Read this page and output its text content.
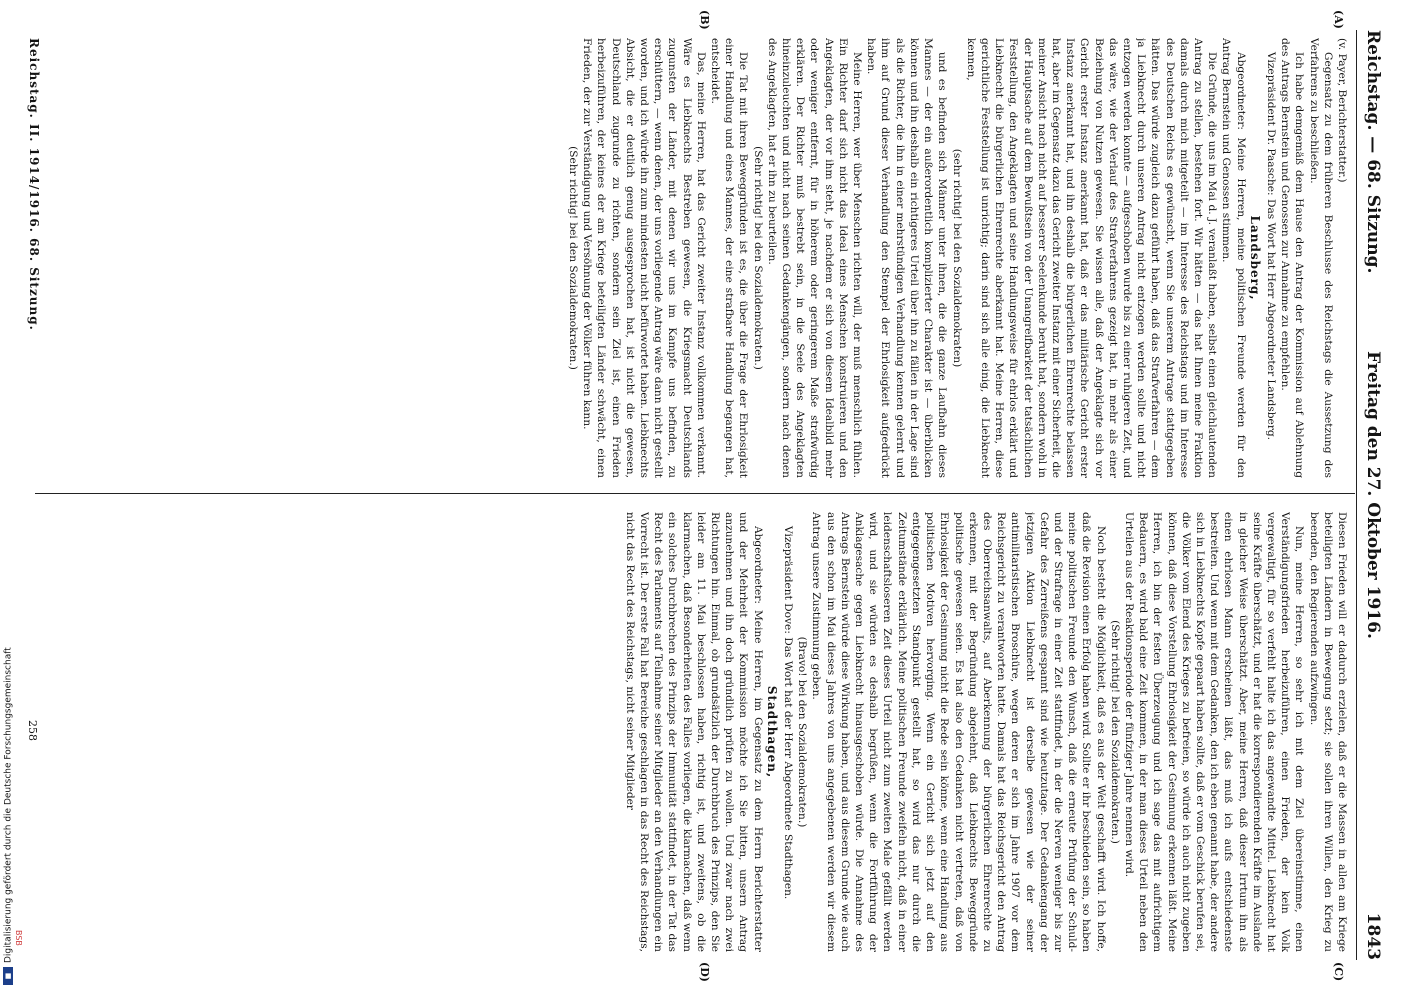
Reichstag. — 68. Sitzung.
Freitag den 27. Oktober 1916.
1843
(A)
(B)
(C)
(D)

(v. Payer, Berichterstatter.)

Gegensatz zu dem früheren Beschlusse des Reichstags die Aussetzung des Verfahrens zu beschließen.

Ich habe demgemäß dem Hause den Antrag der Kommission auf Ablehnung des Antrags Bernstein und Genossen zur Annahme zu empfehlen.

Vizepräsident Dr. Paasche: Das Wort hat Herr Abgeordneter Landsberg.

Landsberg,

Abgeordneter: Meine Herren, meine politischen Freunde werden für den Antrag Bernstein und Genossen stimmen.

Die Gründe, die uns im Mai d. J. veranlaßt haben, selbst einen gleichlautenden Antrag zu stellen, bestehen fort. Wir hätten — das hat Ihnen meine Fraktion damals durch mich mitgeteilt — im Interesse des Reichstags und im Interesse des Deutschen Reichs es gewünscht, wenn Sie unserem Antrage stattgegeben hätten. Das würde zugleich dazu geführt haben, daß das Strafverfahren — dem ja Liebknecht durch unseren Antrag nicht entzogen werden sollte und nicht entzogen werden konnte — aufgeschoben wurde bis zu einer ruhigeren Zeit, und das wäre, wie der Verlauf des Strafverfahrens gezeigt hat, in mehr als einer Beziehung von Nutzen gewesen. Sie wissen alle, daß der Angeklagte sich vor Gericht erster Instanz anerkannt hat, daß er das militärische Gericht erster Instanz anerkannt hat, und ihn deshalb die bürgerlichen Ehrenrechte belassen hat, aber im Gegensatz dazu das Gericht zweiter Instanz mit einer Sicherheit, die meiner Ansicht nach nicht auf besserer Seelenkunde beruht hat, sondern wohl in der Hauptsache auf dem Bewußtsein von der Unangreifbarkeit der tatsächlichen Feststellung, den Angeklagten und seine Handlungsweise für ehrlos erklärt und Liebknecht die bürgerlichen Ehrenrechte aberkannt hat. Meine Herren, diese gerichtliche Feststellung ist unrichtig; darin sind sich alle einig, die Liebknecht kennen,

(sehr richtig! bei den Sozialdemokraten)

und es befinden sich Männer unter ihnen, die die ganze Laufbahn dieses Mannes — der ein außerordentlich komplizierter Charakter ist — überblicken können und ihn deshalb ein richtigeres Urteil über ihn zu fällen in der Lage sind als die Richter, die ihn in einer mehrstündigen Verhandlung kennen gelernt und ihm auf Grund dieser Verhandlung den Stempel der Ehrlosigkeit aufgedrückt haben.

Meine Herren, wer über Menschen richten will, der muß menschlich fühlen. Ein Richter darf sich nicht das Ideal eines Menschen konstruieren und den Angeklagten, der vor ihm steht, je nachdem er sich von diesem Idealbild mehr oder weniger entfernt, für in höherem oder geringerem Maße strafwürdig erklären. Der Richter muß bestrebt sein, in die Seele des Angeklagten hineinzuleuchten und nicht nach seinen Gedankengängen, sondern nach denen des Angeklagten, hat er ihn zu beurteilen.

(Sehr richtig! bei den Sozialdemokraten.)

Die Tat mit ihren Beweggründen ist es, die über die Frage der Ehrlosigkeit einer Handlung und eines Mannes, der eine strafbare Handlung begangen hat, entscheidet.

Das, meine Herren, hat das Gericht zweiter Instanz vollkommen verkannt. Wäre es Liebknechts Bestreben gewesen, die Kriegsmacht Deutschlands zugunsten der Länder, mit denen wir uns im Kampfe uns befinden, zu erschüttern, — wenn denen, der uns vorliegende Antrag wäre dann nicht gestellt worden, und ich würde ihn zum mindesten nicht befürwortet haben. Liebknechts Absicht, die er deutlich genug ausgesprochen hat, ist nicht die gewesen, Deutschland zugrunde zu richten, sondern sein Ziel ist, einen Frieden herbeizuführen, der keines der am Kriege beteiligten Länder schwächt, einen Frieden, der zur Verständigung und Versöhnung der Völker führen kann.

(Sehr richtig! bei den Sozialdemokraten.)

Diesen Frieden will er dadurch erzielen, daß er die Massen in allen am Kriege beteiligten Ländern in Bewegung setzt; sie sollen ihren Willen, den Krieg zu beenden, den Regierenden aufzwingen.

Nun, meine Herren, so sehr ich mit dem Ziel übereinstimme, einen Verständigungsfrieden herbeizuführen, einen Frieden, der kein Volk vergewaltigt, für so verfehlt halte ich das angewandte Mittel. Liebknecht hat seine Kräfte überschätzt, und er hat die korrespondierenden Kräfte im Auslande in gleicher Weise überschätzt. Aber, meine Herren, daß dieser Irrtum ihn als einen ehrlosen Mann erscheinen läßt, das muß ich aufs entschiedenste bestreiten. Und wenn mit dem Gedanken, den ich eben genannt habe, der andere sich in Liebknechts Kopfe gepaart haben sollte, daß er vom Geschick berufen sei, die Völker vom Elend des Krieges zu befreien, so würde ich auch nicht zugeben können, daß diese Vorstellung Ehrlosigkeit der Gesinnung erkennen läßt. Meine Herren, ich bin der festen Überzeugung und ich sage das mit aufrichtigem Bedauern, es wird bald eine Zeit kommen, in der man dieses Urteil neben den Urteilen aus der Reaktionsperiode der fünfziger Jahre nennen wird.

(Sehr richtig! bei den Sozialdemokraten.)

Noch besteht die Möglichkeit, daß es aus der Welt geschafft wird. Ich hoffe, daß die Revision einen Erfolg haben wird. Sollte er ihr beschieden sein, so haben meine politischen Freunde den Wunsch, daß die erneute Prüfung der Schuld- und der Strafrage in einer Zeit stattfindet, in der die Nerven weniger bis zur Gefahr des Zerreißens gespannt sind wie heutzutage. Der Gedankengang der jetzigen Aktion Liebknecht ist derselbe gewesen wie der seiner antimilitaristischen Broschüre, wegen deren er sich im Jahre 1907 vor dem Reichsgericht zu verantworten hatte. Damals hat das Reichsgericht den Antrag des Oberreichsanwalts, auf Aberkennung der bürgerlichen Ehrenrechte zu erkennen, mit der Begründung abgelehnt, daß Liebknechts Beweggründe politische gewesen seien. Es hat also den Gedanken nicht vertreten, daß von Ehrlosigkeit der Gesinnung nicht die Rede sein könne, wenn eine Handlung aus politischen Motiven hervorging. Wenn ein Gericht sich jetzt auf den entgegengesetzten Standpunkt gestellt hat, so wird das nur durch die Zeitumstände erklärlich. Meine politischen Freunde zweifeln nicht, daß in einer leidenschaftsloseren Zeit dieses Urteil nicht zum zweiten Male gefällt werden wird, und sie würden es deshalb begrüßen, wenn die Fortführung der Anklagesache gegen Liebknecht hinausgeschoben würde. Die Annahme des Antrags Bernstein würde diese Wirkung haben, und aus diesem Grunde wie auch aus den schon im Mai dieses Jahres von uns angegebenen werden wir diesem Antrag unsere Zustimmung geben.

(Bravo! bei den Sozialdemokraten.)

Vizepräsident Dove: Das Wort hat der Herr Abgeordnete Stadthagen.

Stadthagen,

Abgeordneter: Meine Herren, im Gegensatz zu dem Herrn Berichterstatter und der Mehrheit der Kommission möchte ich Sie bitten, unsern Antrag anzunehmen und ihn doch gründlich prüfen zu wollen. Und zwar nach zwei Richtungen hin. Einmal, ob grundsätzlich der Durchbruch des Prinzips, den Sie leider am 11. Mai beschlossen haben, richtig ist, und zweitens, ob die klarmachen, daß Besonderheiten des Falles vorliegen, die klarmachen, daß wenn ein solches Durchbrechen des Prinzips der Immunität stattfindet, in der Tat das Recht des Parlaments auf Teilnahme seiner Mitglieder an den Verhandlungen ein Vorrecht ist. Der erste Fall hat Bereiche geschlagen in das Recht des Reichstags, nicht das Recht des Reichstags, nicht seiner Mitglieder

Reichstag. II. 1914/1916. 68. Sitzung.
258
BSB
■Digitalisierung gefördert durch die Deutsche Forschungsgemeinschaft
